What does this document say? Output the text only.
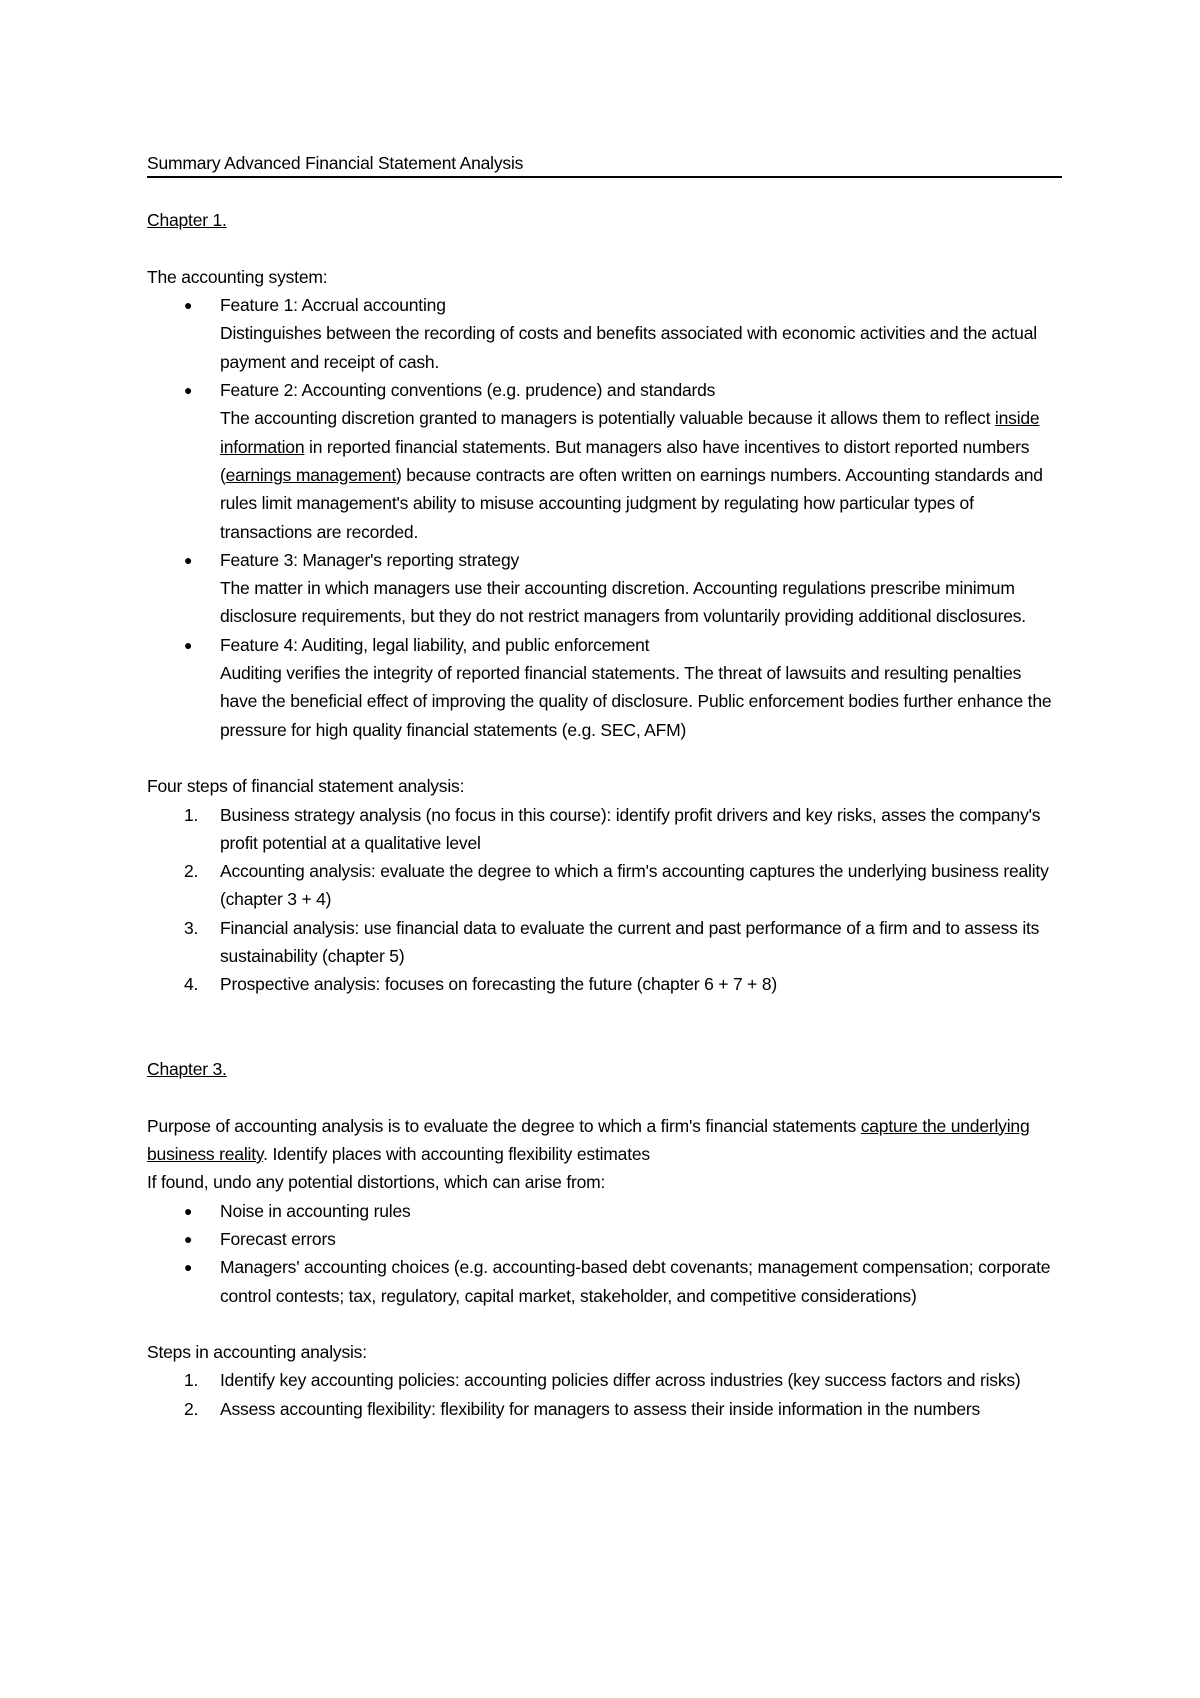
Summary Advanced Financial Statement Analysis

Chapter 1.

The accounting system:

● Feature 1: Accrual accounting
Distinguishes between the recording of costs and benefits associated with economic activities and the actual payment and receipt of cash.
● Feature 2: Accounting conventions (e.g. prudence) and standards
The accounting discretion granted to managers is potentially valuable because it allows them to reflect inside information in reported financial statements. But managers also have incentives to distort reported numbers (earnings management) because contracts are often written on earnings numbers. Accounting standards and rules limit management's ability to misuse accounting judgment by regulating how particular types of transactions are recorded.
● Feature 3: Manager's reporting strategy
The matter in which managers use their accounting discretion. Accounting regulations prescribe minimum disclosure requirements, but they do not restrict managers from voluntarily providing additional disclosures.
● Feature 4: Auditing, legal liability, and public enforcement
Auditing verifies the integrity of reported financial statements. The threat of lawsuits and resulting penalties have the beneficial effect of improving the quality of disclosure. Public enforcement bodies further enhance the pressure for high quality financial statements (e.g. SEC, AFM)

Four steps of financial statement analysis:

1. Business strategy analysis (no focus in this course): identify profit drivers and key risks, asses the company's profit potential at a qualitative level
2. Accounting analysis: evaluate the degree to which a firm's accounting captures the underlying business reality (chapter 3 + 4)
3. Financial analysis: use financial data to evaluate the current and past performance of a firm and to assess its sustainability (chapter 5)
4. Prospective analysis: focuses on forecasting the future (chapter 6 + 7 + 8)

Chapter 3.

Purpose of accounting analysis is to evaluate the degree to which a firm's financial statements capture the underlying business reality. Identify places with accounting flexibility estimates

If found, undo any potential distortions, which can arise from:

● Noise in accounting rules
● Forecast errors
● Managers' accounting choices (e.g. accounting-based debt covenants; management compensation; corporate control contests; tax, regulatory, capital market, stakeholder, and competitive considerations)

Steps in accounting analysis:

1. Identify key accounting policies: accounting policies differ across industries (key success factors and risks)
2. Assess accounting flexibility: flexibility for managers to assess their inside information in the numbers
